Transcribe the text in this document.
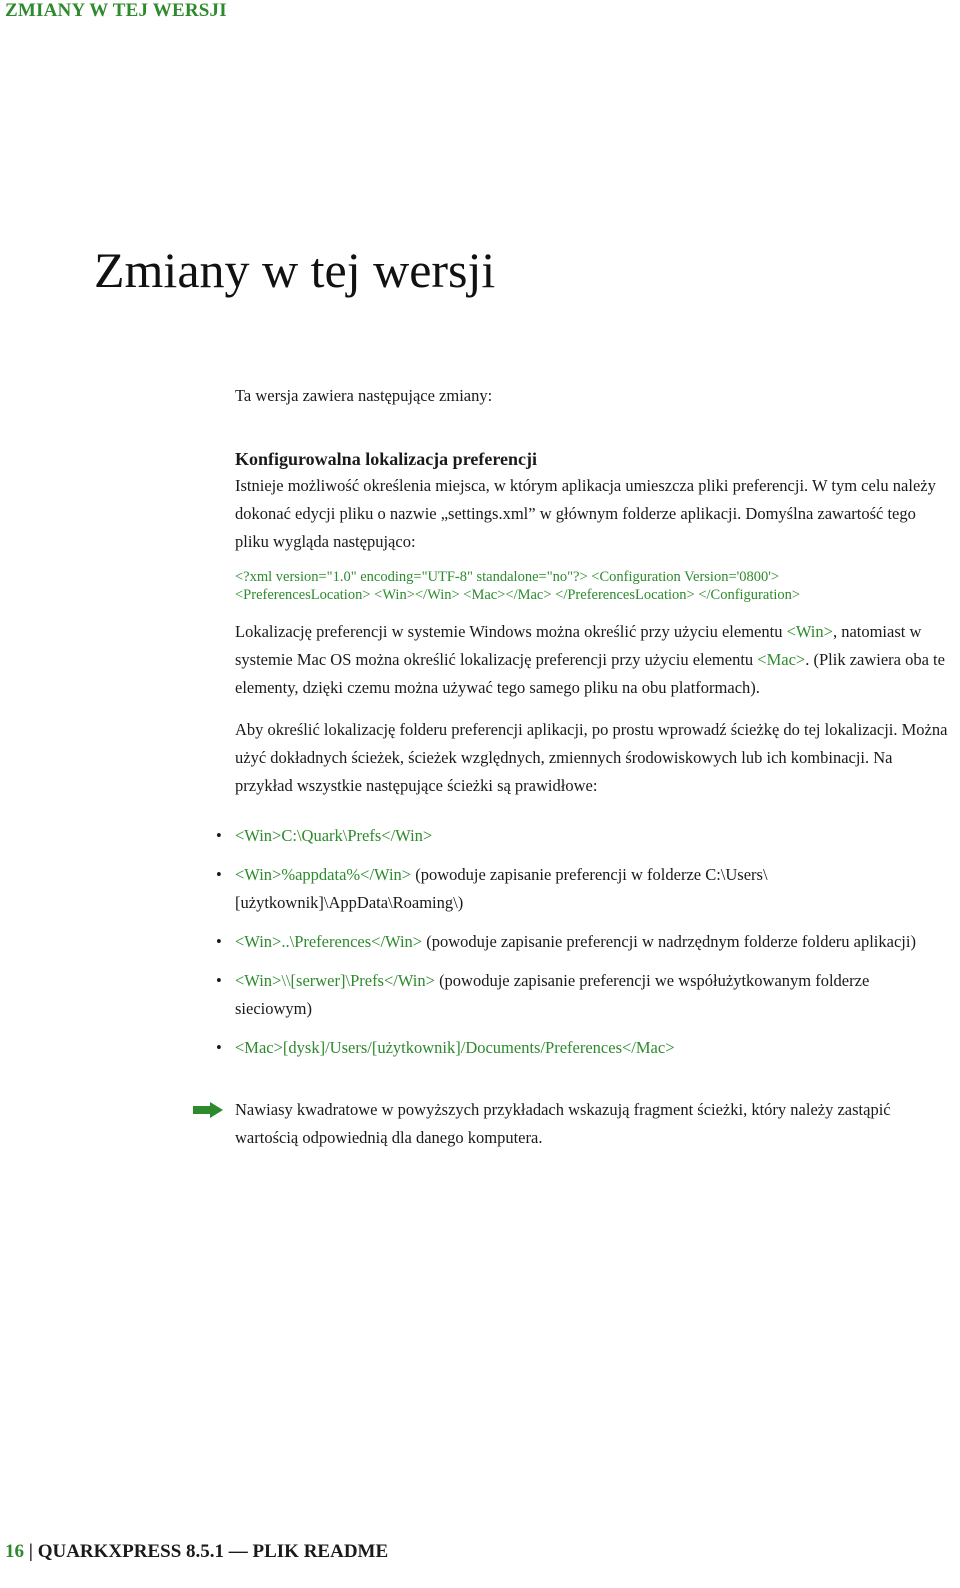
ZMIANY W TEJ WERSJI
Zmiany w tej wersji

Ta wersja zawiera następujące zmiany:

Konfigurowalna lokalizacja preferencji

Istnieje możliwość określenia miejsca, w którym aplikacja umieszcza pliki preferencji. W tym celu należy dokonać edycji pliku o nazwie „settings.xml” w głównym folderze aplikacji. Domyślna zawartość tego pliku wygląda następująco:

<?xml version="1.0" encoding="UTF-8" standalone="no"?> <Configuration Version='0800'>
<PreferencesLocation> <Win></Win> <Mac></Mac> </PreferencesLocation> </Configuration>

Lokalizację preferencji w systemie Windows można określić przy użyciu elementu <Win>, natomiast w systemie Mac OS można określić lokalizację preferencji przy użyciu elementu <Mac>. (Plik zawiera oba te elementy, dzięki czemu można używać tego samego pliku na obu platformach).

Aby określić lokalizację folderu preferencji aplikacji, po prostu wprowadź ścieżkę do tej lokalizacji. Można użyć dokładnych ścieżek, ścieżek względnych, zmiennych środowiskowych lub ich kombinacji. Na przykład wszystkie następujące ścieżki są prawidłowe:

• <Win>C:\Quark\Prefs</Win>
• <Win>%appdata%</Win> (powoduje zapisanie preferencji w folderze C:\Users\[użytkownik]\AppData\Roaming\)
• <Win>..\Preferences</Win> (powoduje zapisanie preferencji w nadrzędnym folderze folderu aplikacji)
• <Win>\\[serwer]\Prefs</Win> (powoduje zapisanie preferencji we współużytkowanym folderze sieciowym)
• <Mac>[dysk]/Users/[użytkownik]/Documents/Preferences</Mac>

Nawiasy kwadratowe w powyższych przykładach wskazują fragment ścieżki, który należy zastąpić wartością odpowiednią dla danego komputera.

16 | QUARKXPRESS 8.5.1 — PLIK README
